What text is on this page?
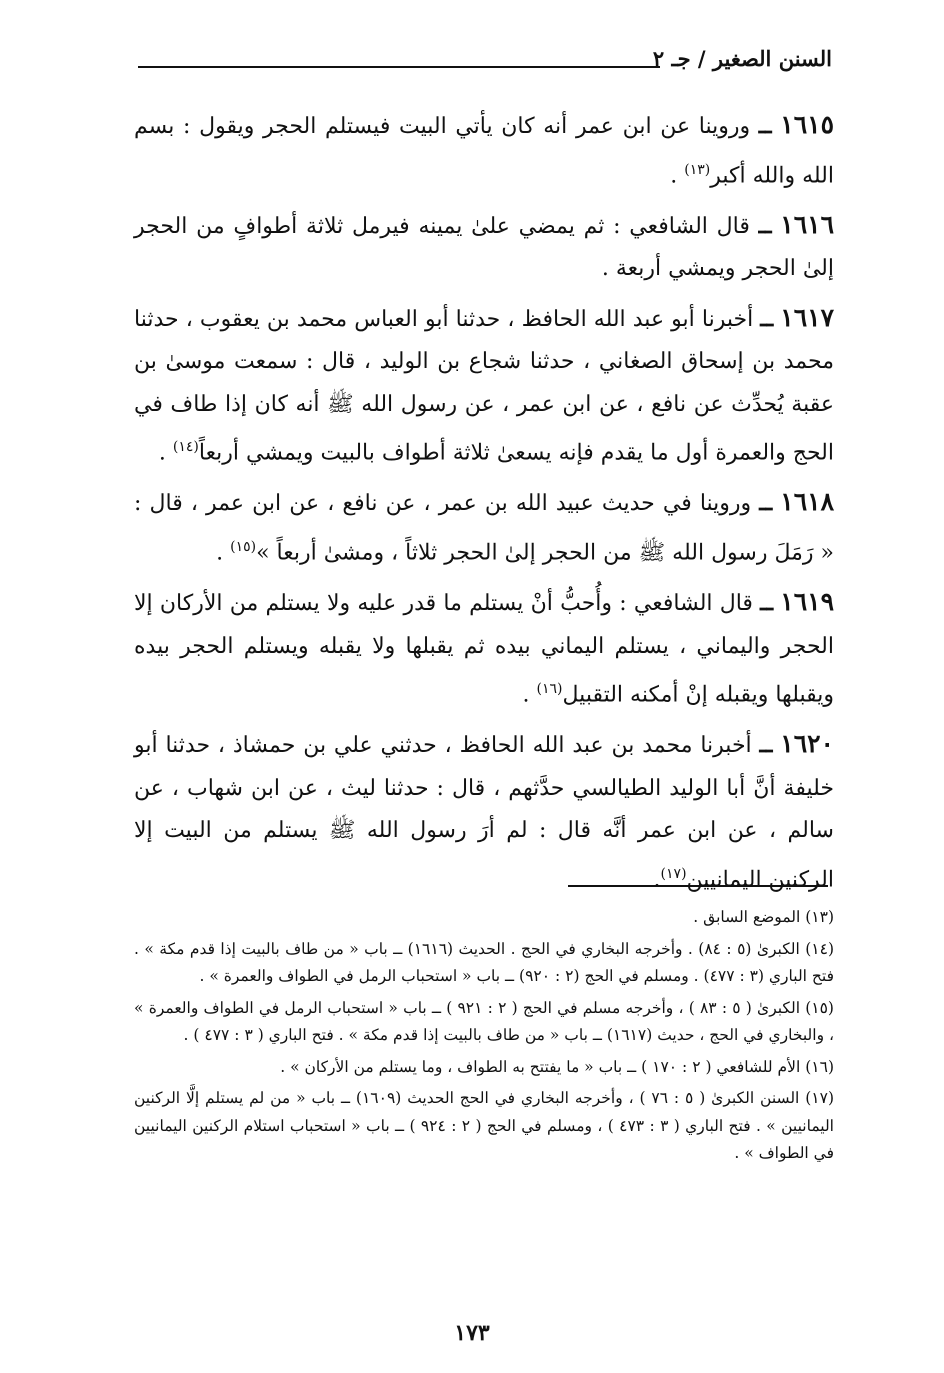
السنن الصغير / جـ ٢

١٦١٥ ــ وروينا عن ابن عمر أنه كان يأتي البيت فيستلم الحجر ويقول : بسم الله والله أكبر$^{(١٣)}$ .

١٦١٦ ــ قال الشافعي : ثم يمضي علىٰ يمينه فيرمل ثلاثة أطوافٍ من الحجر إلىٰ الحجر ويمشي أربعة .

١٦١٧ ــ أخبرنا أبو عبد الله الحافظ ، حدثنا أبو العباس محمد بن يعقوب ، حدثنا محمد بن إسحاق الصغاني ، حدثنا شجاع بن الوليد ، قال : سمعت موسىٰ بن عقبة يُحدِّث عن نافع ، عن ابن عمر ، عن رسول الله ﷺ أنه كان إذا طاف في الحج والعمرة أول ما يقدم فإنه يسعىٰ ثلاثة أطواف بالبيت ويمشي أربعاً$^{(١٤)}$ .

١٦١٨ ــ وروينا في حديث عبيد الله بن عمر ، عن نافع ، عن ابن عمر ، قال : « رَمَلَ رسول الله ﷺ من الحجر إلىٰ الحجر ثلاثاً ، ومشىٰ أربعاً »$^{(١٥)}$ .

١٦١٩ ــ قال الشافعي : وأُحبُّ أنْ يستلم ما قدر عليه ولا يستلم من الأركان إلا الحجر واليماني ، يستلم اليماني بيده ثم يقبلها ولا يقبله ويستلم الحجر بيده ويقبلها ويقبله إنْ أمكنه التقبيل$^{(١٦)}$ .

١٦٢٠ ــ أخبرنا محمد بن عبد الله الحافظ ، حدثني علي بن حمشاذ ، حدثنا أبو خليفة أنَّ أبا الوليد الطيالسي حدَّثهم ، قال : حدثنا ليث ، عن ابن شهاب ، عن سالم ، عن ابن عمر أنَّه قال : لم أرَ رسول الله ﷺ يستلم من البيت إلا الركنين اليمانيين$^{(١٧)}$.

(١٣) الموضع السابق .

(١٤) الكبرىٰ (٥ : ٨٤) . وأخرجه البخاري في الحج . الحديث (١٦١٦) ــ باب « من طاف بالبيت إذا قدم مكة » . فتح الباري (٣ : ٤٧٧) . ومسلم في الحج (٢ : ٩٢٠) ــ باب « استحباب الرمل في الطواف والعمرة » .

(١٥) الكبرىٰ ( ٥ : ٨٣ ) ، وأخرجه مسلم في الحج ( ٢ : ٩٢١ ) ــ باب « استحباب الرمل في الطواف والعمرة » ، والبخاري في الحج ، حديث (١٦١٧) ــ باب « من طاف بالبيت إذا قدم مكة » . فتح الباري ( ٣ : ٤٧٧ ) .

(١٦) الأم للشافعي ( ٢ : ١٧٠ ) ــ باب « ما يفتتح به الطواف ، وما يستلم من الأركان » .

(١٧) السنن الكبرىٰ ( ٥ : ٧٦ ) ، وأخرجه البخاري في الحج الحديث (١٦٠٩) ــ باب « من لم يستلم إلَّا الركنين اليمانيين » . فتح الباري ( ٣ : ٤٧٣ ) ، ومسلم في الحج ( ٢ : ٩٢٤ ) ــ باب « استحباب استلام الركنين اليمانيين في الطواف » .

١٧٣
